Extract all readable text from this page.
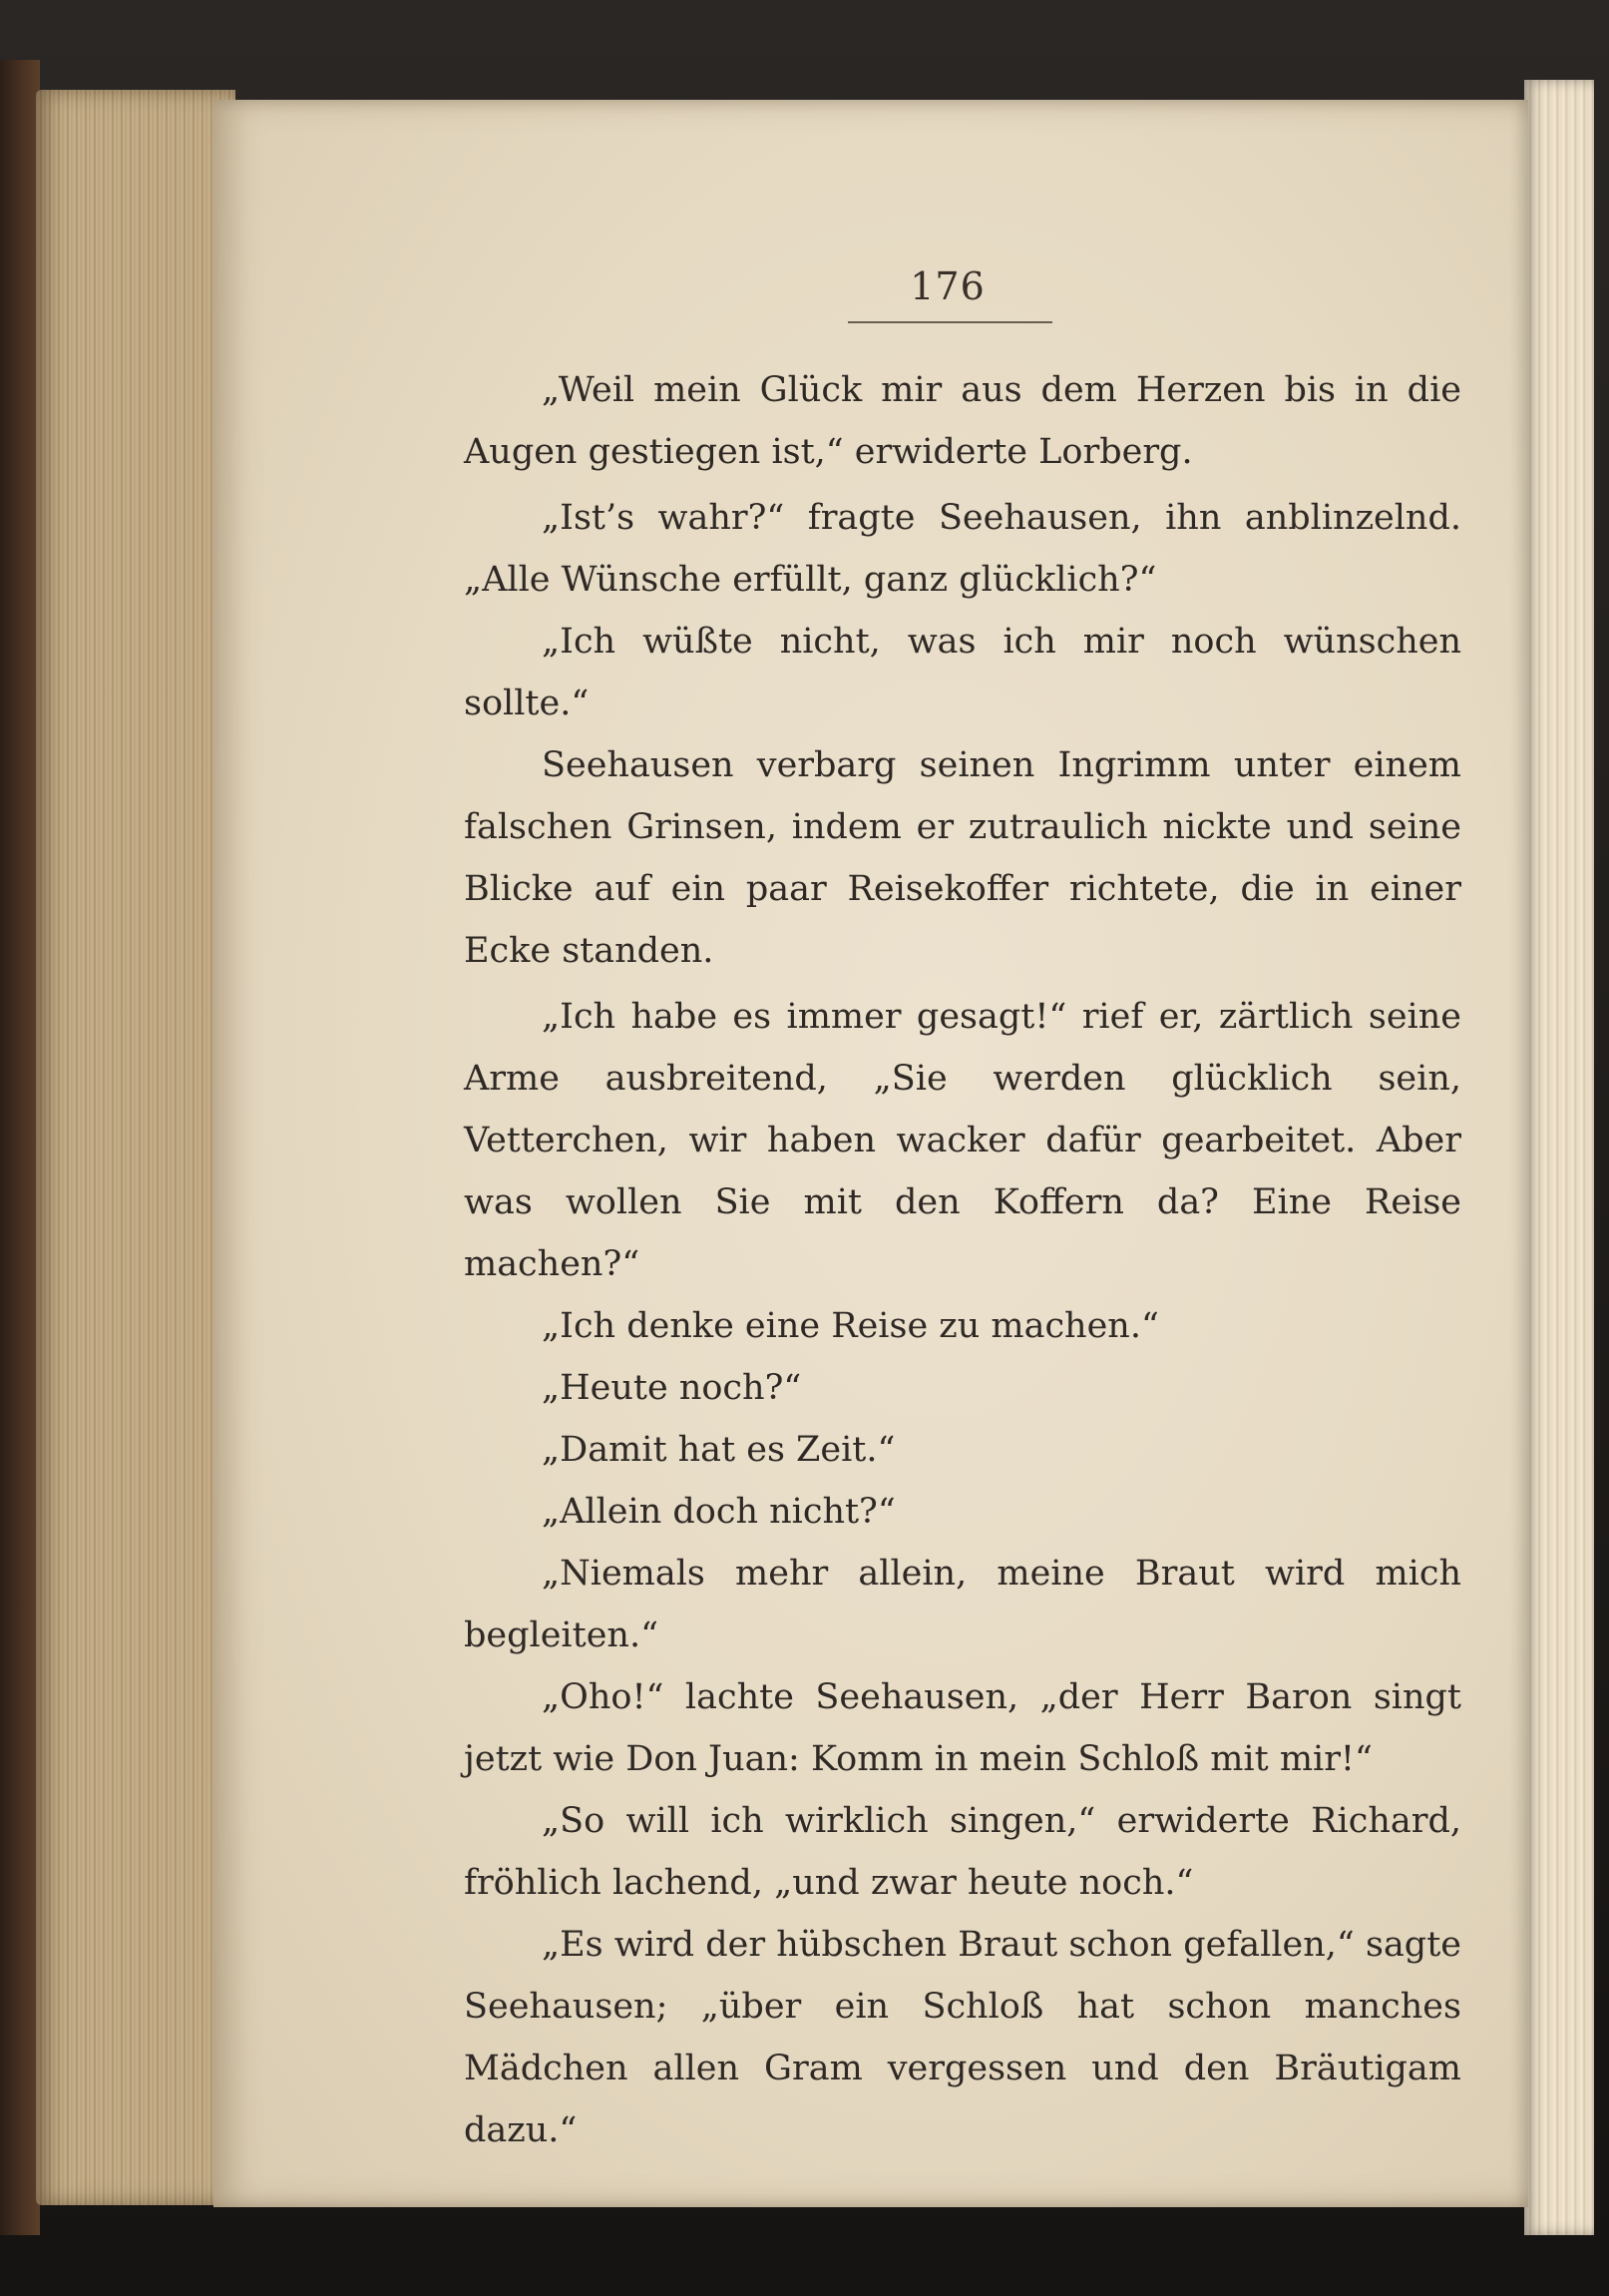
176

„Weil mein Glück mir aus dem Herzen bis in die Augen gestiegen ist,“ erwiderte Lorberg.

„Ist’s wahr?“ fragte Seehausen, ihn anblinzelnd. „Alle Wünsche erfüllt, ganz glücklich?“

„Ich wüßte nicht, was ich mir noch wünschen sollte.“

Seehausen verbarg seinen Ingrimm unter einem falschen Grinsen, indem er zutraulich nickte und seine Blicke auf ein paar Reisekoffer richtete, die in einer Ecke standen.

„Ich habe es immer gesagt!“ rief er, zärtlich seine Arme ausbreitend, „Sie werden glücklich sein, Vetterchen, wir haben wacker dafür gearbeitet. Aber was wollen Sie mit den Koffern da? Eine Reise machen?“

„Ich denke eine Reise zu machen.“

„Heute noch?“

„Damit hat es Zeit.“

„Allein doch nicht?“

„Niemals mehr allein, meine Braut wird mich begleiten.“

„Oho!“ lachte Seehausen, „der Herr Baron singt jetzt wie Don Juan: Komm in mein Schloß mit mir!“

„So will ich wirklich singen,“ erwiderte Richard, fröhlich lachend, „und zwar heute noch.“

„Es wird der hübschen Braut schon gefallen,“ sagte Seehausen; „über ein Schloß hat schon manches Mädchen allen Gram vergessen und den Bräutigam dazu.“
